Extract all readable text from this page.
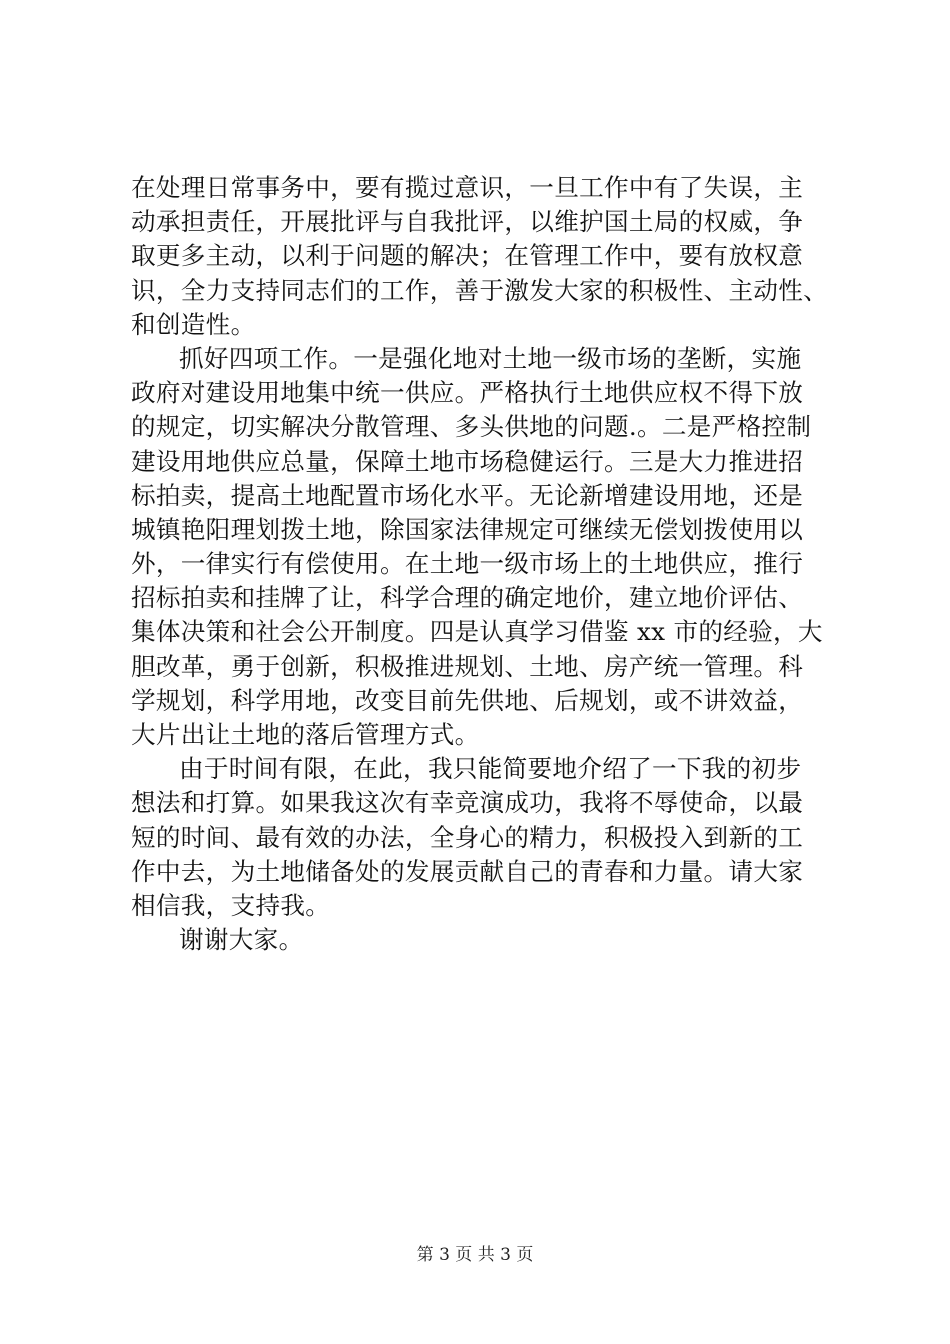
在处理日常事务中，要有揽过意识，一旦工作中有了失误，主
动承担责任，开展批评与自我批评，以维护国土局的权威，争
取更多主动，以利于问题的解决；在管理工作中，要有放权意
识，全力支持同志们的工作，善于激发大家的积极性、主动性、
和创造性。
抓好四项工作。一是强化地对土地一级市场的垄断，实施
政府对建设用地集中统一供应。严格执行土地供应权不得下放
的规定，切实解决分散管理、多头供地的问题.。二是严格控制
建设用地供应总量，保障土地市场稳健运行。三是大力推进招
标拍卖，提高土地配置市场化水平。无论新增建设用地，还是
城镇艳阳理划拨土地，除国家法律规定可继续无偿划拨使用以
外，一律实行有偿使用。在土地一级市场上的土地供应，推行
招标拍卖和挂牌了让，科学合理的确定地价，建立地价评估、
集体决策和社会公开制度。四是认真学习借鉴 xx 市的经验，大
胆改革，勇于创新，积极推进规划、土地、房产统一管理。科
学规划，科学用地，改变目前先供地、后规划，或不讲效益，
大片出让土地的落后管理方式。
由于时间有限，在此，我只能简要地介绍了一下我的初步
想法和打算。如果我这次有幸竞演成功，我将不辱使命，以最
短的时间、最有效的办法，全身心的精力，积极投入到新的工
作中去，为土地储备处的发展贡献自己的青春和力量。请大家
相信我，支持我。
谢谢大家。
第 3 页 共 3 页
